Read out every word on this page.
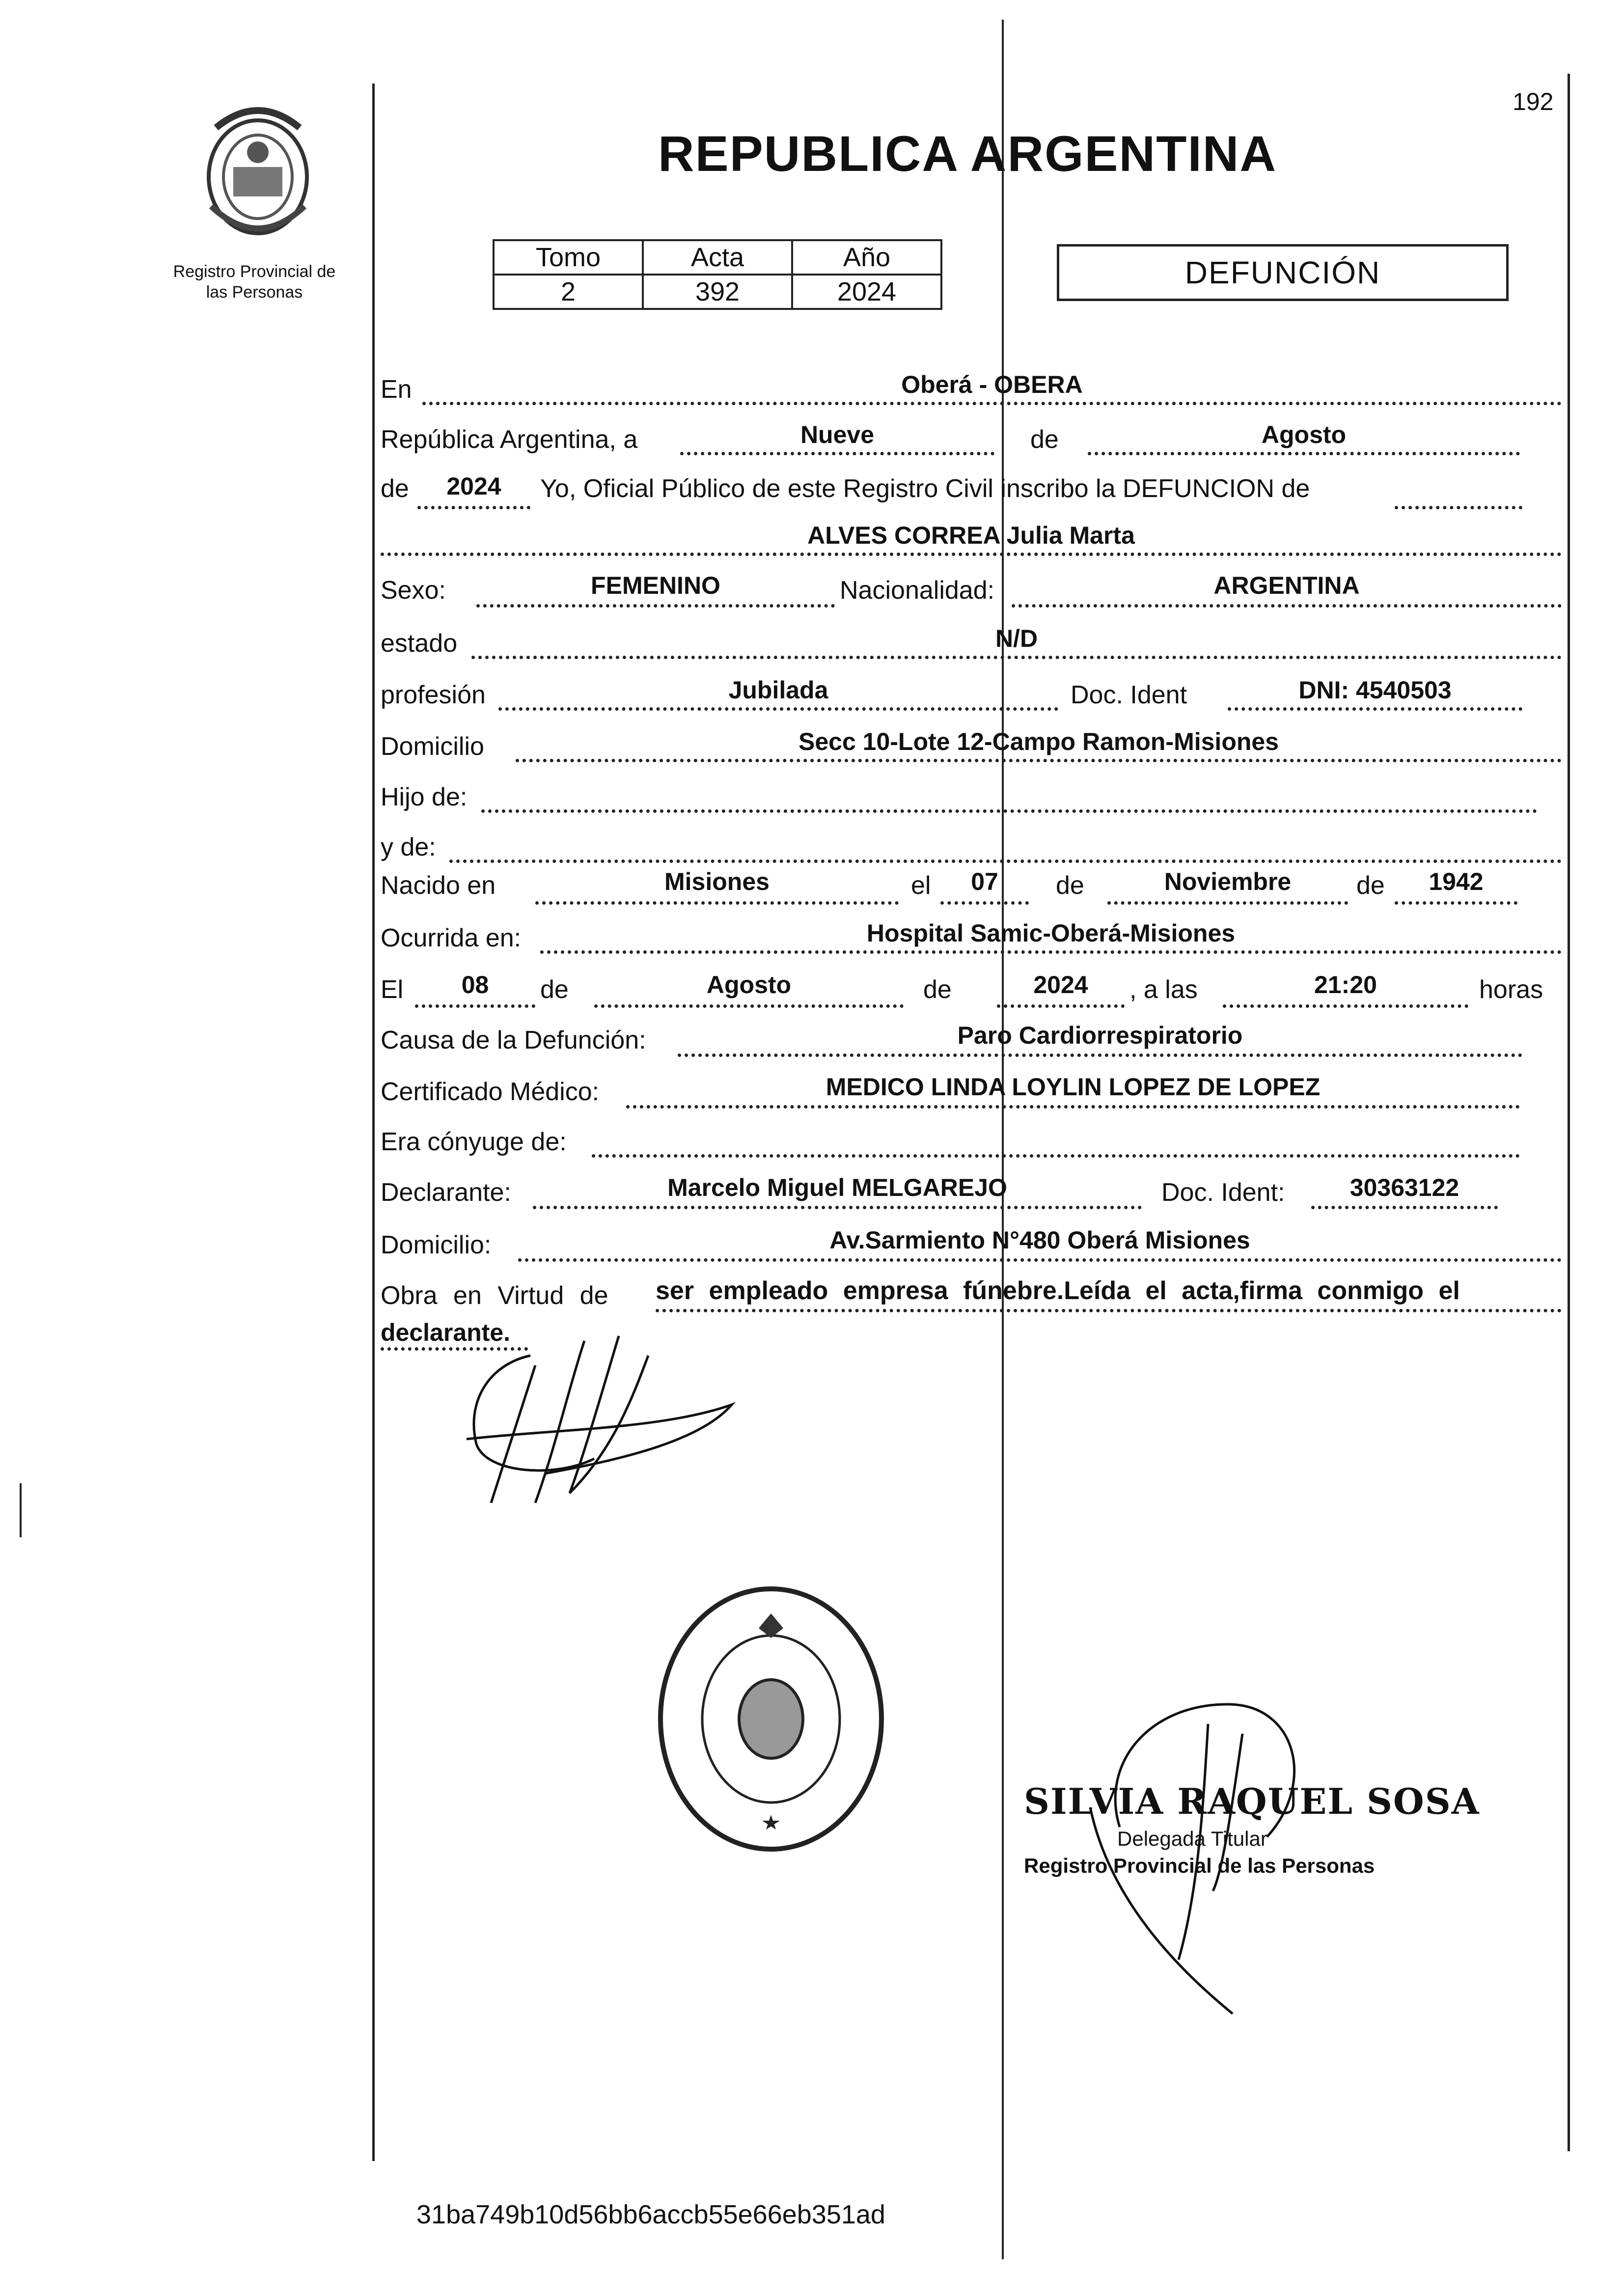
Registro Provincial de
las Personas
192
REPUBLICA ARGENTINA
Tomo	Acta	Año
2	392	2024
DEFUNCIÓN
En	Oberá - OBERA
República Argentina, a	Nueve	de	Agosto
de	2024	Yo, Oficial Público de este Registro Civil inscribo la DEFUNCION de
ALVES CORREA Julia Marta
Sexo:	FEMENINO	Nacionalidad:	ARGENTINA
estado	N/D
profesión	Jubilada	Doc. Ident	DNI: 4540503
Domicilio	Secc 10-Lote 12-Campo Ramon-Misiones
Hijo de:
y de:
Nacido en	Misiones	el	07	de	Noviembre	de	1942
Ocurrida en:	Hospital Samic-Oberá-Misiones
El	08	de	Agosto	de	2024	, a las	21:20	horas
Causa de la Defunción:	Paro Cardiorrespiratorio
Certificado Médico:	MEDICO LINDA LOYLIN LOPEZ DE LOPEZ
Era cónyuge de:
Declarante:	Marcelo Miguel MELGAREJO	Doc. Ident:	30363122
Domicilio:	Av.Sarmiento N°480 Oberá Misiones
Obra en Virtud de ser empleado empresa fúnebre.Leída el acta,firma conmigo el
declarante.
SILVIA RAQUEL SOSA
Delegada Titular
Registro Provincial de las Personas
31ba749b10d56bb6accb55e66eb351ad
